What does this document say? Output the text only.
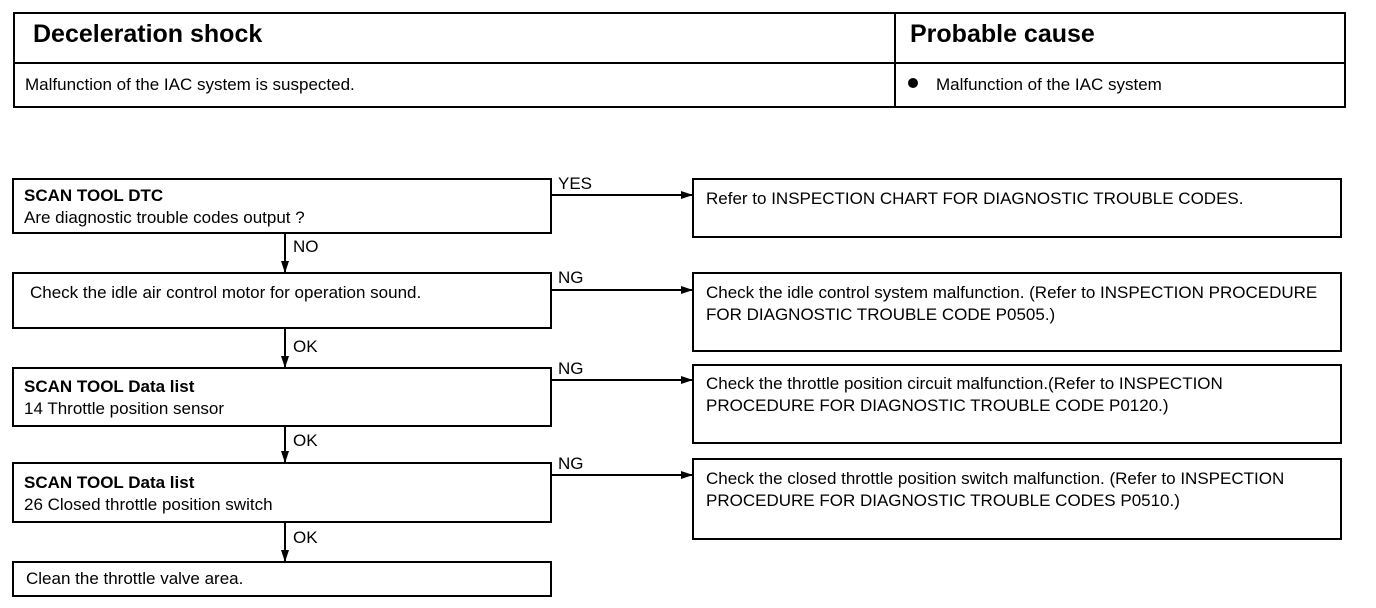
Deceleration shock	Probable cause
Malfunction of the IAC system is suspected.	Malfunction of the IAC system
YES
NG
NG
NG
NO
OK
OK
OK
SCAN TOOL DTC
Are diagnostic trouble codes output ?
Check the idle air control motor for operation sound.
SCAN TOOL Data list
14 Throttle position sensor
SCAN TOOL Data list
26 Closed throttle position switch
Clean the throttle valve area.
Refer to INSPECTION CHART FOR DIAGNOSTIC TROUBLE CODES.
Check the idle control system malfunction. (Refer to INSPECTION PROCEDURE FOR DIAGNOSTIC TROUBLE CODE P0505.)
Check the throttle position circuit malfunction.(Refer to INSPECTION PROCEDURE FOR DIAGNOSTIC TROUBLE CODE P0120.)
Check the closed throttle position switch malfunction. (Refer to INSPECTION PROCEDURE FOR DIAGNOSTIC TROUBLE CODES P0510.)
